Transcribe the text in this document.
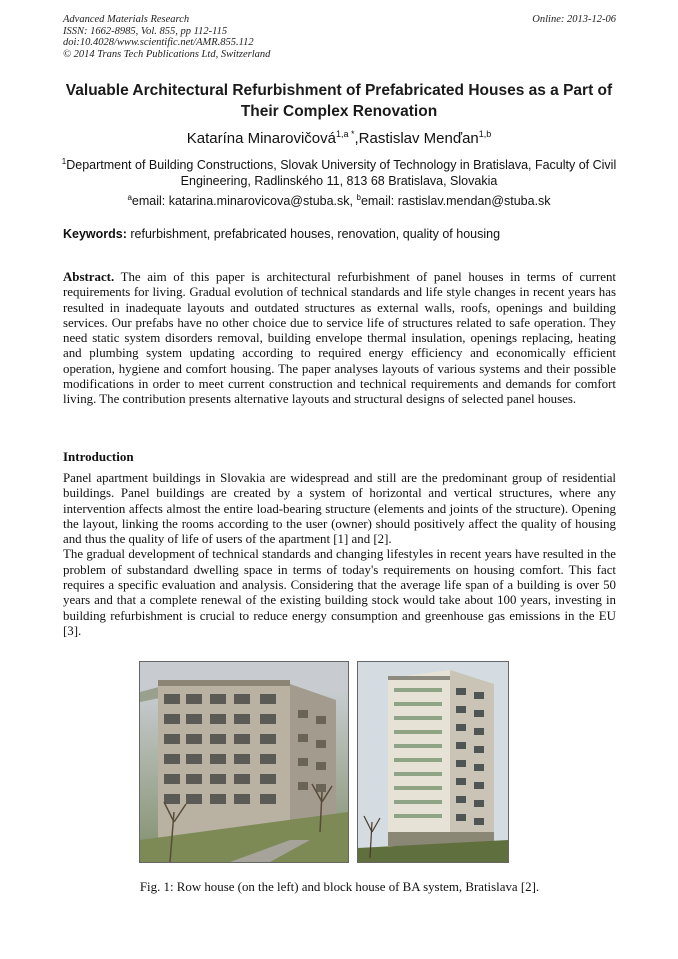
Advanced Materials Research
ISSN: 1662-8985, Vol. 855, pp 112-115
doi:10.4028/www.scientific.net/AMR.855.112
© 2014 Trans Tech Publications Ltd, Switzerland
Online: 2013-12-06
Valuable Architectural Refurbishment of Prefabricated Houses as a Part of Their Complex Renovation
Katarína Minarovičová$^{1,a *}$,Rastislav Menďan$^{1,b}$
$^1$Department of Building Constructions, Slovak University of Technology in Bratislava, Faculty of Civil Engineering, Radlinského 11, 813 68 Bratislava, Slovakia
$^a$email: katarina.minarovicova@stuba.sk, $^b$email: rastislav.mendan@stuba.sk
Keywords: refurbishment, prefabricated houses, renovation, quality of housing
Abstract. The aim of this paper is architectural refurbishment of panel houses in terms of current requirements for living. Gradual evolution of technical standards and life style changes in recent years has resulted in inadequate layouts and outdated structures as external walls, roofs, openings and building services. Our prefabs have no other choice due to service life of structures related to safe operation. They need static system disorders removal, building envelope thermal insulation, openings replacing, heating and plumbing system updating according to required energy efficiency and economically efficient operation, hygiene and comfort housing. The paper analyses layouts of various systems and their possible modifications in order to meet current construction and technical requirements and demands for comfort living. The contribution presents alternative layouts and structural designs of selected panel houses.
Introduction

Panel apartment buildings in Slovakia are widespread and still are the predominant group of residential buildings. Panel buildings are created by a system of horizontal and vertical structures, where any intervention affects almost the entire load-bearing structure (elements and joints of the structure). Opening the layout, linking the rooms according to the user (owner) should positively affect the quality of housing and thus the quality of life of users of the apartment [1] and [2].

The gradual development of technical standards and changing lifestyles in recent years have resulted in the problem of substandard dwelling space in terms of today's requirements on housing comfort. This fact requires a specific evaluation and analysis. Considering that the average life span of a building is over 50 years and that a complete renewal of the existing building stock would take about 100 years, investing in building refurbishment is crucial to reduce energy consumption and greenhouse gas emissions in the EU [3].

Fig. 1: Row house (on the left) and block house of BA system, Bratislava [2].
